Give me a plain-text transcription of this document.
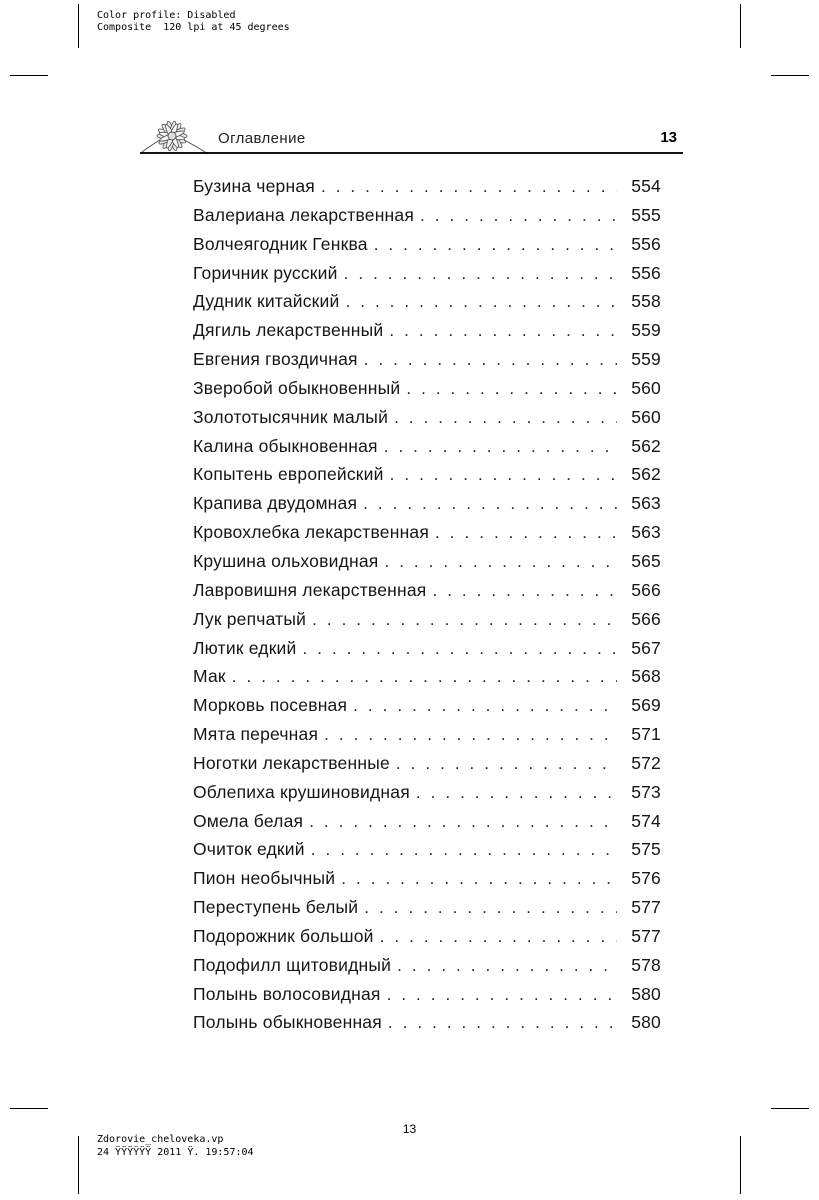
Color profile: Disabled
Composite  120 lpi at 45 degrees
Оглавление	13
Бузина черная .....	554
Валериана лекарственная .....	555
Волчеягодник Генква .....	556
Горичник русский .....	556
Дудник китайский .....	558
Дягиль лекарственный .....	559
Евгения гвоздичная .....	559
Зверобой обыкновенный .....	560
Золототысячник малый .....	560
Калина обыкновенная .....	562
Копытень европейский .....	562
Крапива двудомная .....	563
Кровохлебка лекарственная .....	563
Крушина ольховидная .....	565
Лавровишня лекарственная .....	566
Лук репчатый .....	566
Лютик едкий .....	567
Мак .....	568
Морковь посевная .....	569
Мята перечная .....	571
Ноготки лекарственные .....	572
Облепиха крушиновидная .....	573
Омела белая .....	574
Очиток едкий .....	575
Пион необычный .....	576
Переступень белый .....	577
Подорожник большой .....	577
Подофилл щитовидный .....	578
Полынь волосовидная .....	580
Полынь обыкновенная .....	580
13
Zdorovie_cheloveka.vp
24 ŸŸŸŸŸŸ 2011 Ÿ. 19:57:04
